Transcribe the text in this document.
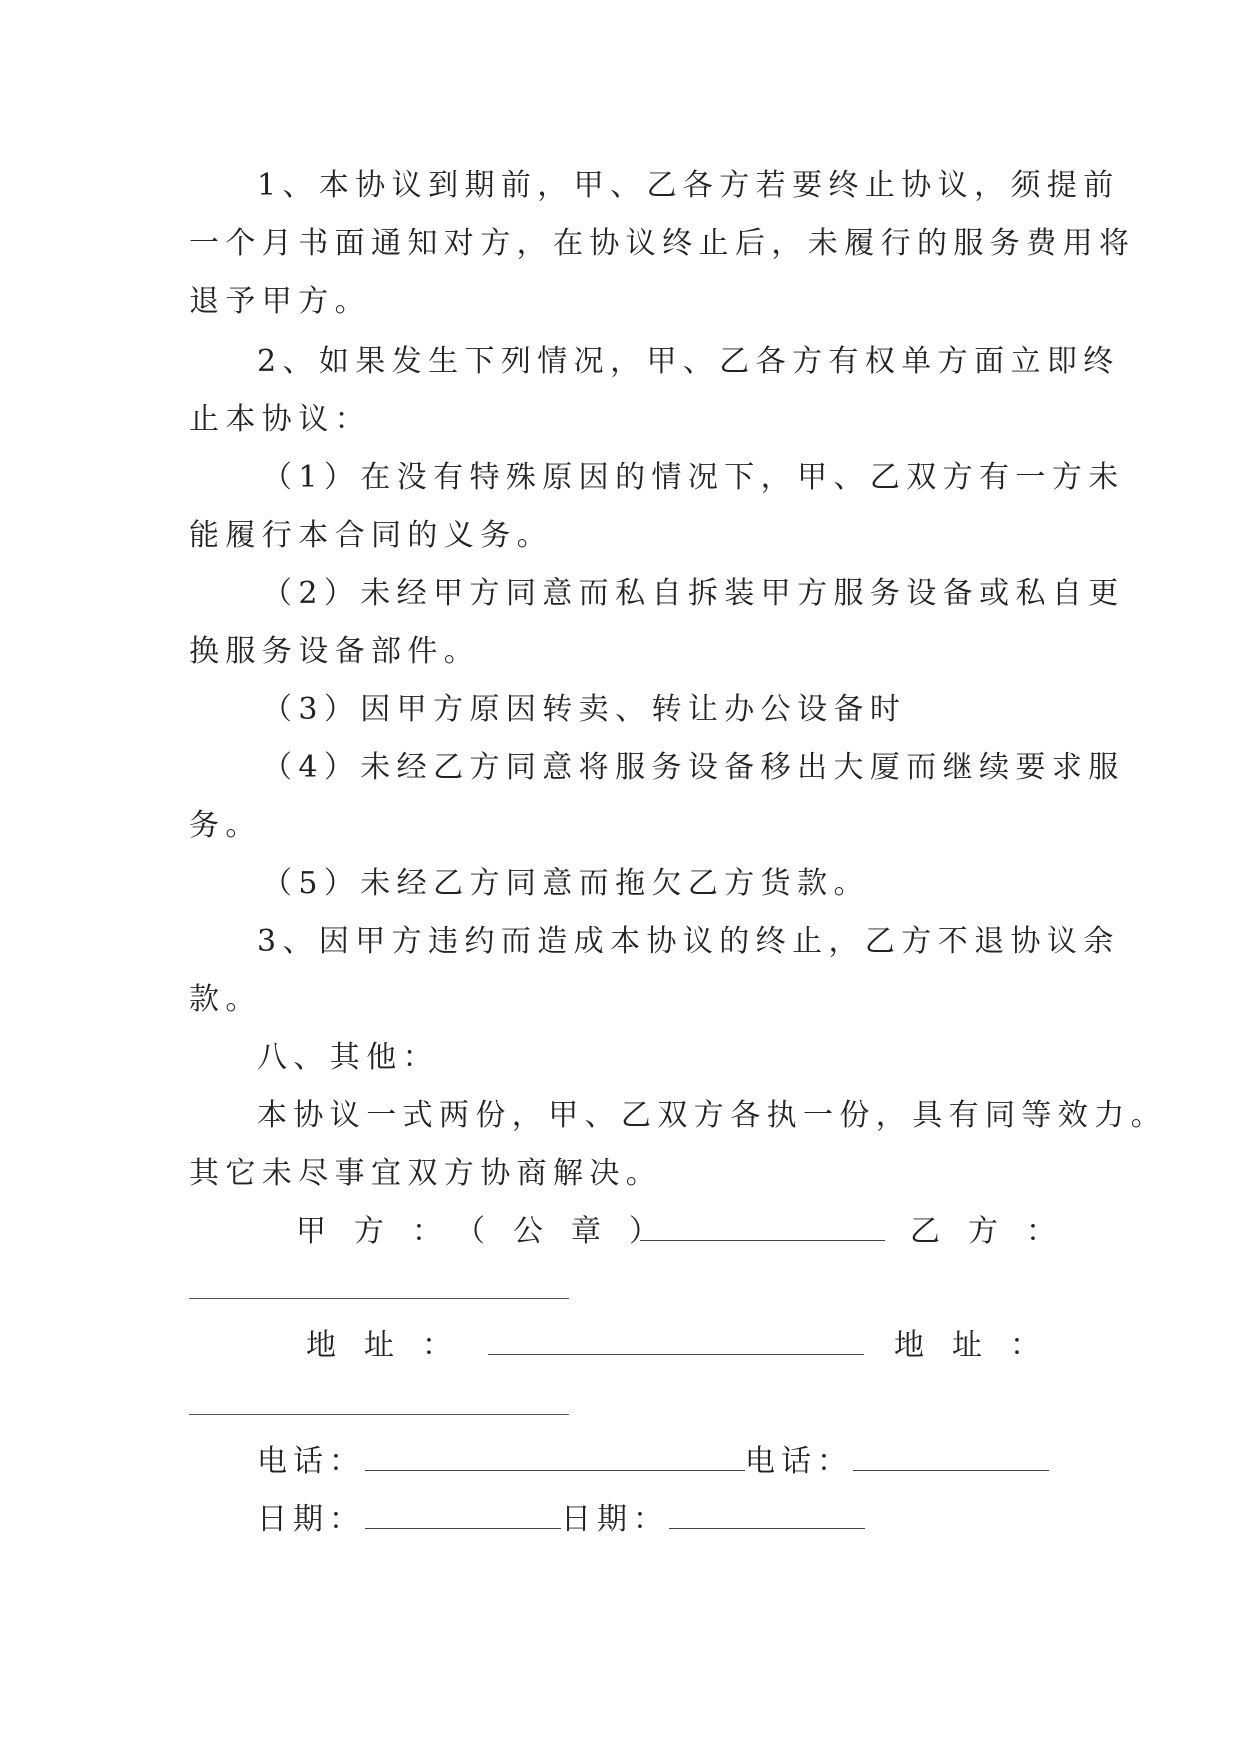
1、本协议到期前，甲、乙各方若要终止协议，须提前
一个月书面通知对方，在协议终止后，未履行的服务费用将
退予甲方。
2、如果发生下列情况，甲、乙各方有权单方面立即终
止本协议：
（1）在没有特殊原因的情况下，甲、乙双方有一方未
能履行本合同的义务。
（2）未经甲方同意而私自拆装甲方服务设备或私自更
换服务设备部件。
（3）因甲方原因转卖、转让办公设备时
（4）未经乙方同意将服务设备移出大厦而继续要求服
务。
（5）未经乙方同意而拖欠乙方货款。
3、因甲方违约而造成本协议的终止，乙方不退协议余
款。
八、其他：
本协议一式两份，甲、乙双方各执一份，具有同等效力。
其它未尽事宜双方协商解决。
甲方：（公章）	乙方：
地址：	地址：
电话：	电话：
日期：	日期：
